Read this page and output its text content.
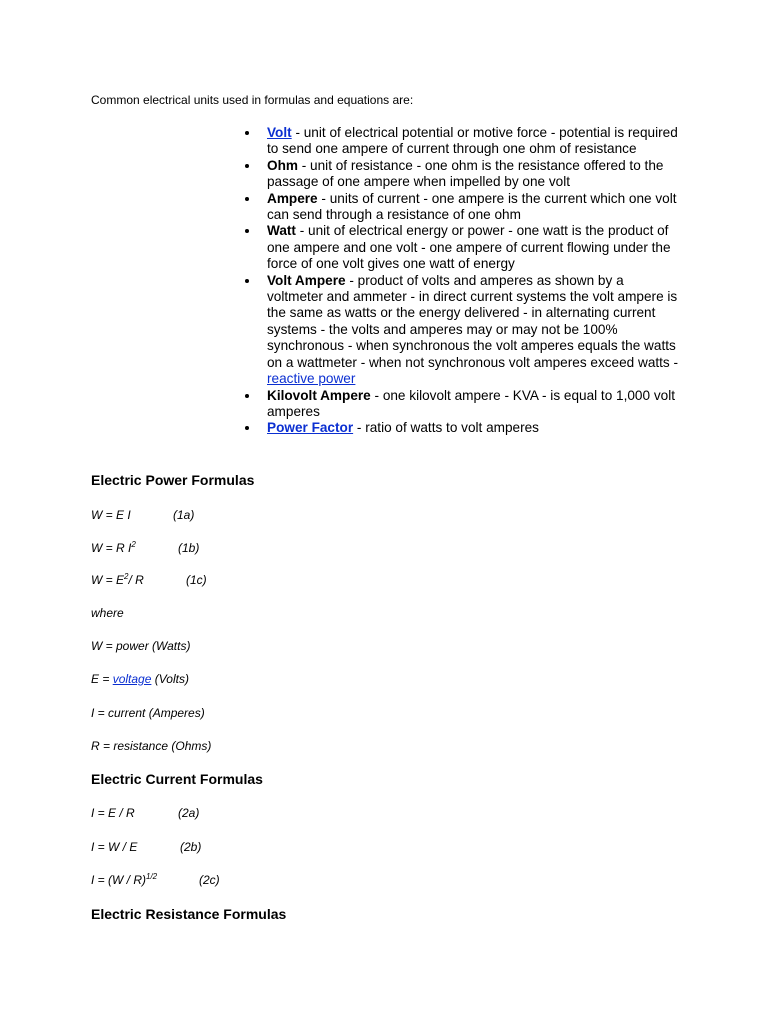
Common electrical units used in formulas and equations are:
Volt - unit of electrical potential or motive force - potential is required to send one ampere of current through one ohm of resistance
Ohm - unit of resistance - one ohm is the resistance offered to the passage of one ampere when impelled by one volt
Ampere - units of current - one ampere is the current which one volt can send through a resistance of one ohm
Watt - unit of electrical energy or power - one watt is the product of one ampere and one volt - one ampere of current flowing under the force of one volt gives one watt of energy
Volt Ampere - product of volts and amperes as shown by a voltmeter and ammeter - in direct current systems the volt ampere is the same as watts or the energy delivered - in alternating current systems - the volts and amperes may or may not be 100% synchronous - when synchronous the volt amperes equals the watts on a wattmeter - when not synchronous volt amperes exceed watts - reactive power
Kilovolt Ampere - one kilovolt ampere - KVA - is equal to 1,000 volt amperes
Power Factor - ratio of watts to volt amperes
Electric Power Formulas
W = E I	(1a)
W = R $I^2$	(1b)
$W = E^2/$ R	(1c)
where
W = power (Watts)
E = voltage (Volts)
I = current (Amperes)
R = resistance (Ohms)
Electric Current Formulas
I = E / R	(2a)
I = W / E	(2b)
I = (W / R)$^{1/2}$	(2c)
Electric Resistance Formulas
